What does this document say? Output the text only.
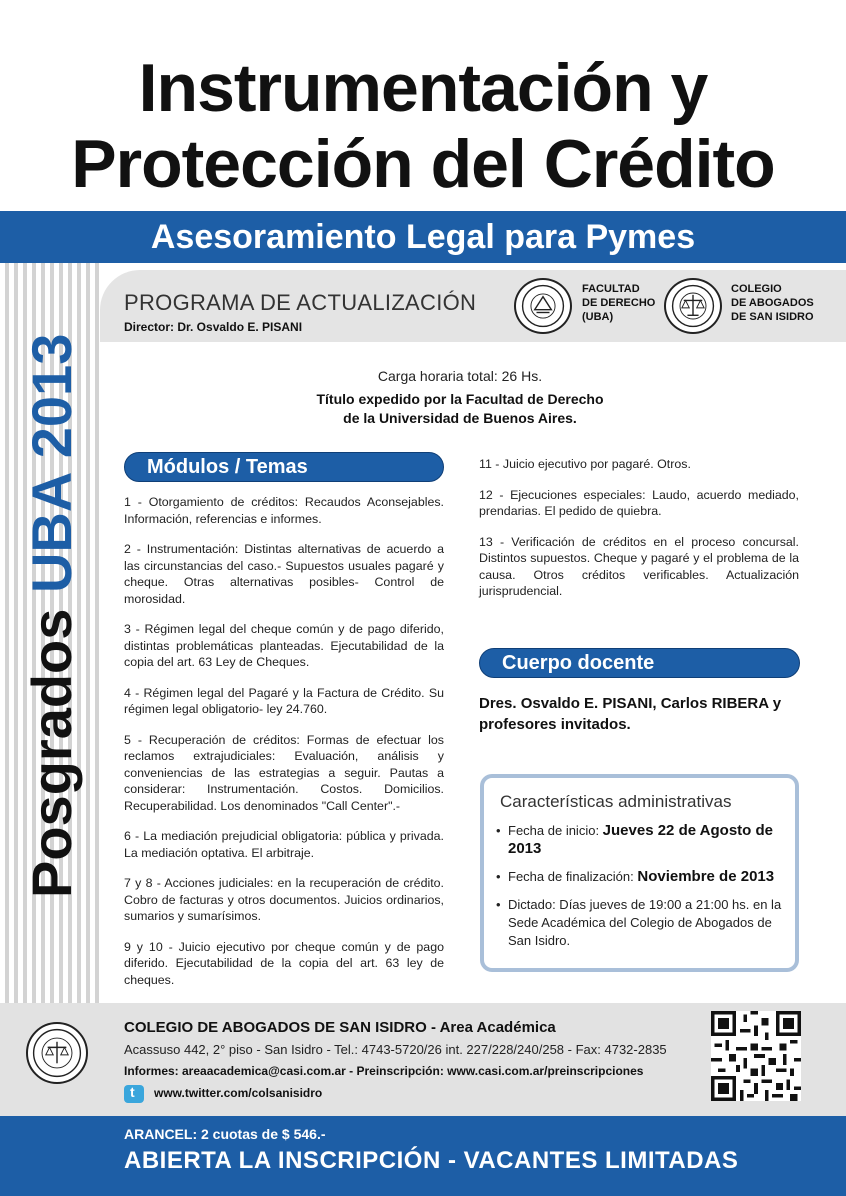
Instrumentación y
Protección del Crédito
Asesoramiento Legal para Pymes
PROGRAMA DE ACTUALIZACIÓN
Director: Dr. Osvaldo E. PISANI
FACULTAD
DE DERECHO
(UBA)
COLEGIO
DE ABOGADOS
DE SAN ISIDRO
Posgrados UBA 2013	Carga horaria total: 26 Hs.
Título expedido por la Facultad de Derecho
de la Universidad de Buenos Aires.
Módulos / Temas

1 - Otorgamiento de créditos: Recaudos Aconsejables. Información, referencias e informes.

2 - Instrumentación: Distintas alternativas de acuerdo a las circunstancias del caso.- Supuestos usuales pagaré y cheque. Otras alternativas posibles- Control de morosidad.

3 - Régimen legal del cheque común y de pago diferido, distintas problemáticas planteadas. Ejecutabilidad de la copia del art. 63 Ley de Cheques.

4 - Régimen legal del Pagaré y la Factura de Crédito. Su régimen legal obligatorio- ley 24.760.

5 - Recuperación de créditos: Formas de efectuar los reclamos extrajudiciales: Evaluación, análisis y conveniencias de las estrategias a seguir. Pautas a considerar: Instrumentación. Costos. Domicilios. Recuperabilidad. Los denominados "Call Center".-

6 - La mediación prejudicial obligatoria: pública y privada. La mediación optativa. El arbitraje.

7 y 8 - Acciones judiciales: en la recuperación de crédito. Cobro de facturas y otros documentos. Juicios ordinarios, sumarios y sumarísimos.

9 y 10 - Juicio ejecutivo por cheque común y de pago diferido. Ejecutabilidad de la copia del art. 63 ley de cheques.

11 - Juicio ejecutivo por pagaré. Otros.

12 - Ejecuciones especiales: Laudo, acuerdo mediado, prendarias. El pedido de quiebra.

13 - Verificación de créditos en el proceso concursal. Distintos supuestos. Cheque y pagaré y el problema de la causa. Otros créditos verificables. Actualización jurisprudencial.

Cuerpo docente
Dres. Osvaldo E. PISANI, Carlos RIBERA y profesores invitados.
Características administrativas
• Fecha de inicio: Jueves 22 de Agosto de 2013
• Fecha de finalización: Noviembre de 2013
• Dictado: Días jueves de 19:00 a 21:00 hs. en la Sede Académica del Colegio de Abogados de San Isidro.
COLEGIO DE ABOGADOS DE SAN ISIDRO - Area Académica
Acassuso 442, 2° piso - San Isidro - Tel.: 4743-5720/26 int. 227/228/240/258 - Fax: 4732-2835
Informes: areaacademica@casi.com.ar - Preinscripción: www.casi.com.ar/preinscripciones
t
www.twitter.com/colsanisidro
ARANCEL: 2 cuotas de $ 546.-
ABIERTA LA INSCRIPCIÓN - VACANTES LIMITADAS
